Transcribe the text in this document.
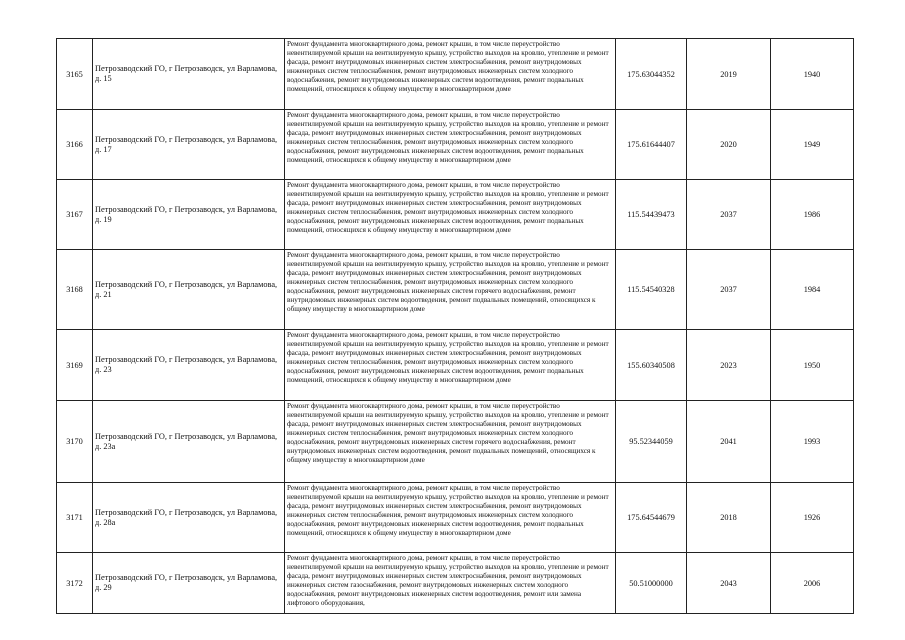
3165	Петрозаводский ГО, г Петрозаводск, ул Варламова, д. 15	Ремонт фундамента многоквартирного дома, ремонт крыши, в том числе переустройство невентилируемой крыши на вентилируемую крышу, устройство выходов на кровлю, утепление и ремонт фасада, ремонт внутридомовых инженерных систем электроснабжения, ремонт внутридомовых инженерных систем теплоснабжения, ремонт внутридомовых инженерных систем холодного водоснабжения, ремонт внутридомовых инженерных систем водоотведения, ремонт подвальных помещений, относящихся к общему имуществу в многоквартирном доме	175.63044352	2019	1940
3166	Петрозаводский ГО, г Петрозаводск, ул Варламова, д. 17	Ремонт фундамента многоквартирного дома, ремонт крыши, в том числе переустройство невентилируемой крыши на вентилируемую крышу, устройство выходов на кровлю, утепление и ремонт фасада, ремонт внутридомовых инженерных систем электроснабжения, ремонт внутридомовых инженерных систем теплоснабжения, ремонт внутридомовых инженерных систем холодного водоснабжения, ремонт внутридомовых инженерных систем водоотведения, ремонт подвальных помещений, относящихся к общему имуществу в многоквартирном доме	175.61644407	2020	1949
3167	Петрозаводский ГО, г Петрозаводск, ул Варламова, д. 19	Ремонт фундамента многоквартирного дома, ремонт крыши, в том числе переустройство невентилируемой крыши на вентилируемую крышу, устройство выходов на кровлю, утепление и ремонт фасада, ремонт внутридомовых инженерных систем электроснабжения, ремонт внутридомовых инженерных систем теплоснабжения, ремонт внутридомовых инженерных систем холодного водоснабжения, ремонт внутридомовых инженерных систем водоотведения, ремонт подвальных помещений, относящихся к общему имуществу в многоквартирном доме	115.54439473	2037	1986
3168	Петрозаводский ГО, г Петрозаводск, ул Варламова, д. 21	Ремонт фундамента многоквартирного дома, ремонт крыши, в том числе переустройство невентилируемой крыши на вентилируемую крышу, устройство выходов на кровлю, утепление и ремонт фасада, ремонт внутридомовых инженерных систем электроснабжения, ремонт внутридомовых инженерных систем теплоснабжения, ремонт внутридомовых инженерных систем холодного водоснабжения, ремонт внутридомовых инженерных систем горячего водоснабжения, ремонт внутридомовых инженерных систем водоотведения, ремонт подвальных помещений, относящихся к общему имуществу в многоквартирном доме	115.54540328	2037	1984
3169	Петрозаводский ГО, г Петрозаводск, ул Варламова, д. 23	Ремонт фундамента многоквартирного дома, ремонт крыши, в том числе переустройство невентилируемой крыши на вентилируемую крышу, устройство выходов на кровлю, утепление и ремонт фасада, ремонт внутридомовых инженерных систем электроснабжения, ремонт внутридомовых инженерных систем теплоснабжения, ремонт внутридомовых инженерных систем холодного водоснабжения, ремонт внутридомовых инженерных систем водоотведения, ремонт подвальных помещений, относящихся к общему имуществу в многоквартирном доме	155.60340508	2023	1950
3170	Петрозаводский ГО, г Петрозаводск, ул Варламова, д. 23а	Ремонт фундамента многоквартирного дома, ремонт крыши, в том числе переустройство невентилируемой крыши на вентилируемую крышу, устройство выходов на кровлю, утепление и ремонт фасада, ремонт внутридомовых инженерных систем электроснабжения, ремонт внутридомовых инженерных систем теплоснабжения, ремонт внутридомовых инженерных систем холодного водоснабжения, ремонт внутридомовых инженерных систем горячего водоснабжения, ремонт внутридомовых инженерных систем водоотведения, ремонт подвальных помещений, относящихся к общему имуществу в многоквартирном доме	95.52344059	2041	1993
3171	Петрозаводский ГО, г Петрозаводск, ул Варламова, д. 28а	Ремонт фундамента многоквартирного дома, ремонт крыши, в том числе переустройство невентилируемой крыши на вентилируемую крышу, устройство выходов на кровлю, утепление и ремонт фасада, ремонт внутридомовых инженерных систем электроснабжения, ремонт внутридомовых инженерных систем теплоснабжения, ремонт внутридомовых инженерных систем холодного водоснабжения, ремонт внутридомовых инженерных систем водоотведения, ремонт подвальных помещений, относящихся к общему имуществу в многоквартирном доме	175.64544679	2018	1926
3172	Петрозаводский ГО, г Петрозаводск, ул Варламова, д. 29	Ремонт фундамента многоквартирного дома, ремонт крыши, в том числе переустройство невентилируемой крыши на вентилируемую крышу, устройство выходов на кровлю, утепление и ремонт фасада, ремонт внутридомовых инженерных систем электроснабжения, ремонт внутридомовых инженерных систем газоснабжения, ремонт внутридомовых инженерных систем холодного водоснабжения, ремонт внутридомовых инженерных систем водоотведения, ремонт или замена лифтового оборудования,	50.51000000	2043	2006
